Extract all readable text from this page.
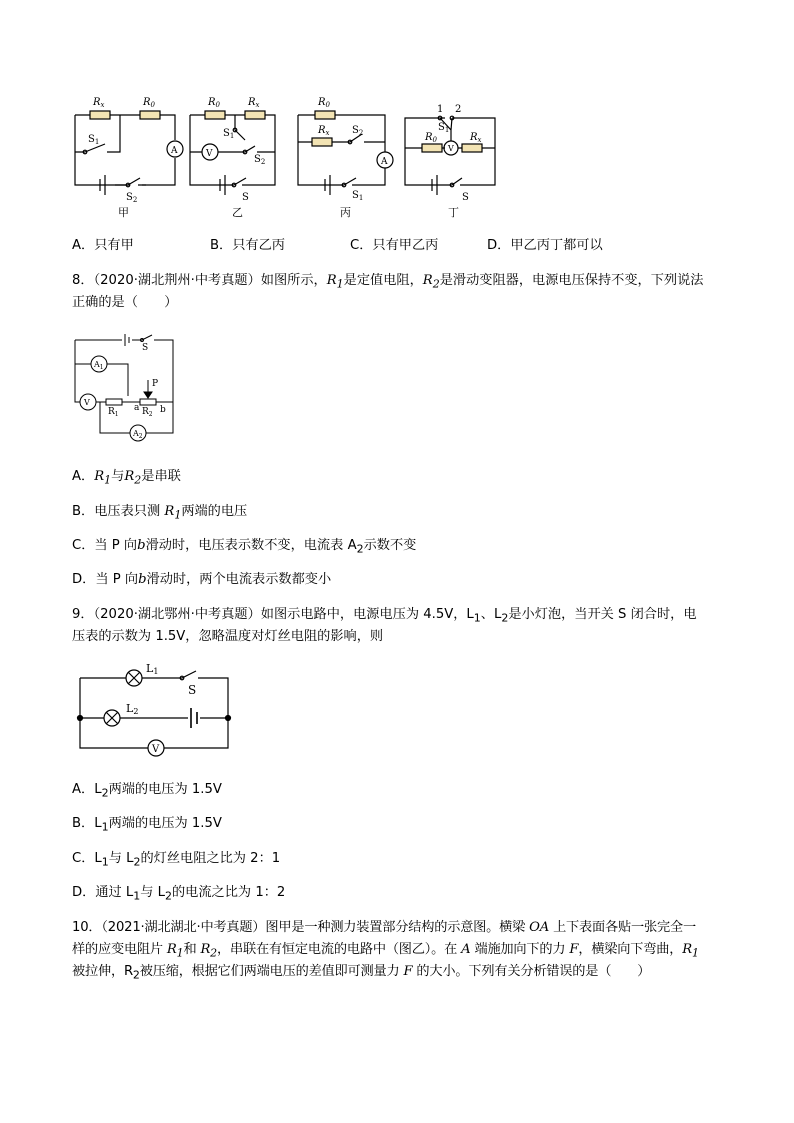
$R_x$	$R_0$
$S_1$
$S_2$
A
甲
$R_0$	$R_x$
$S_1$
$S_2$
S
V
乙
$R_0$
$R_x$ $S_2$
$S_1$
A
丙
1 2
$S_1$
$R_0$	$R_x$
S
V
丁
A．只有甲	B．只有乙丙	C．只有甲乙丙	D．甲乙丙丁都可以
8．（2020·湖北荆州·中考真题）如图所示，$R_1$是定值电阻，$R_2$是滑动变阻器，电源电压保持不变，下列说法
正确的是（　　）
S
$A_1$
V
P
$R_1$
a $R_2$ b
$A_2$
A．$R_1$与$R_2$是串联
B．电压表只测 $R_1$两端的电压
C．当 P 向b滑动时，电压表示数不变，电流表 $A_2$示数不变
D．当 P 向b滑动时，两个电流表示数都变小
9．（2020·湖北鄂州·中考真题）如图示电路中，电源电压为 4.5V，$L_1$、$L_2$是小灯泡，当开关 S 闭合时，电
压表的示数为 1.5V，忽略温度对灯丝电阻的影响，则
L1
S
L2
V
A．$L_2$两端的电压为 1.5V
B．$L_1$两端的电压为 1.5V
C．$L_1$与 $L_2$的灯丝电阻之比为 2：1
D．通过 $L_1$与 $L_2$的电流之比为 1：2
10．（2021·湖北湖北·中考真题）图甲是一种测力装置部分结构的示意图。横梁 OA 上下表面各贴一张完全一
样的应变电阻片 $R_1$和 $R_2$，串联在有恒定电流的电路中（图乙）。在 A 端施加向下的力 F，横梁向下弯曲，$R_1$
被拉伸，$R_2$被压缩，根据它们两端电压的差值即可测量力 F 的大小。下列有关分析错误的是（　　）
